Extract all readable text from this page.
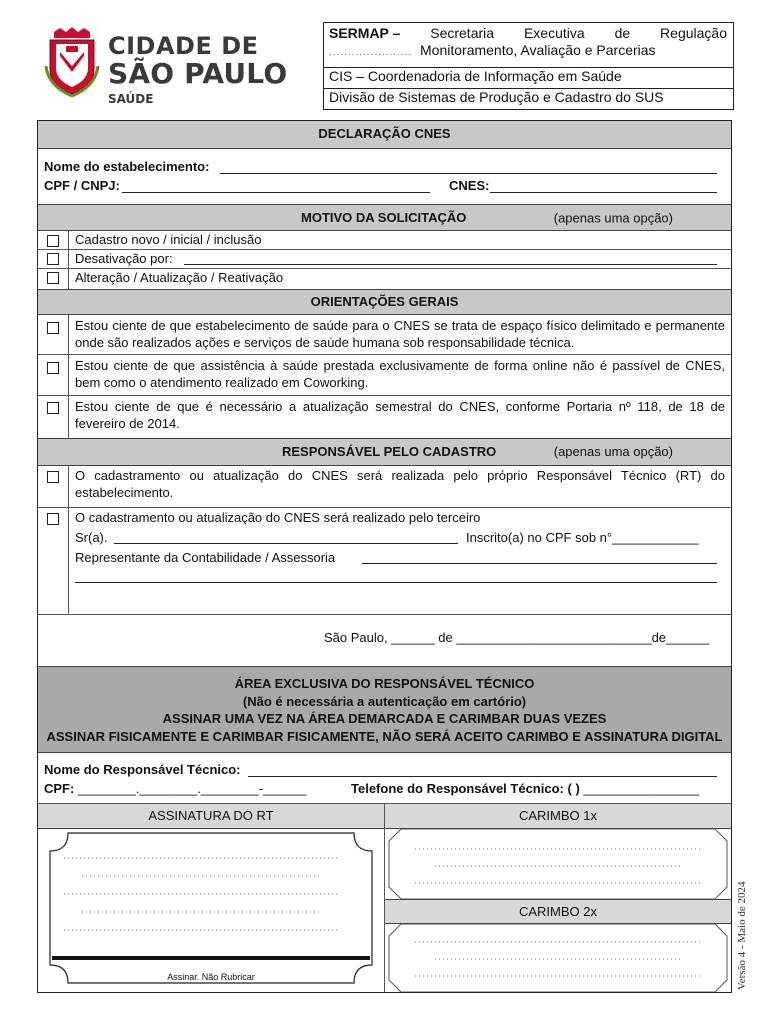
CIDADE DE
SÃO PAULO
SAÚDE
SERMAP – Secretaria Executiva de Regulação
...................... Monitoramento, Avaliação e Parcerias
CIS – Coordenadoria de Informação em Saúde
Divisão de Sistemas de Produção e Cadastro do SUS
DECLARAÇÃO CNES
Nome do estabelecimento:
CPF / CNPJ:	CNES:
MOTIVO DA SOLICITAÇÃO	(apenas uma opção)
Cadastro novo / inicial / inclusão
Desativação por:
Alteração / Atualização / Reativação
ORIENTAÇÕES GERAIS
Estou ciente de que estabelecimento de saúde para o CNES se trata de espaço físico delimitado e permanente onde são realizados ações e serviços de saúde humana sob responsabilidade técnica.
Estou ciente de que assistência à saúde prestada exclusivamente de forma online não é passível de CNES, bem como o atendimento realizado em Coworking.
Estou ciente de que é necessário a atualização semestral do CNES, conforme Portaria nº 118, de 18 de fevereiro de 2014.
RESPONSÁVEL PELO CADASTRO	(apenas uma opção)
O cadastramento ou atualização do CNES será realizada pelo próprio Responsável Técnico (RT) do estabelecimento.
O cadastramento ou atualização do CNES será realizado pelo terceiro
Sr(a).	Inscrito(a) no CPF sob n°____________
Representante da Contabilidade / Assessoria
São Paulo, ______ de ___________________________de______
ÁREA EXCLUSIVA DO RESPONSÁVEL TÉCNICO
(Não é necessária a autenticação em cartório)
ASSINAR UMA VEZ NA ÁREA DEMARCADA E CARIMBAR DUAS VEZES
ASSINAR FISICAMENTE E CARIMBAR FISICAMENTE, NÃO SERÁ ACEITO CARIMBO E ASSINATURA DIGITAL
Nome do Responsável Técnico:
CPF: ________.________.________-______	Telefone do Responsável Técnico: ( ) ________________
ASSINATURA DO RT
Assinar. Não Rubricar
CARIMBO 1x
CARIMBO 2x	Versão 4 - Maio de 2024
